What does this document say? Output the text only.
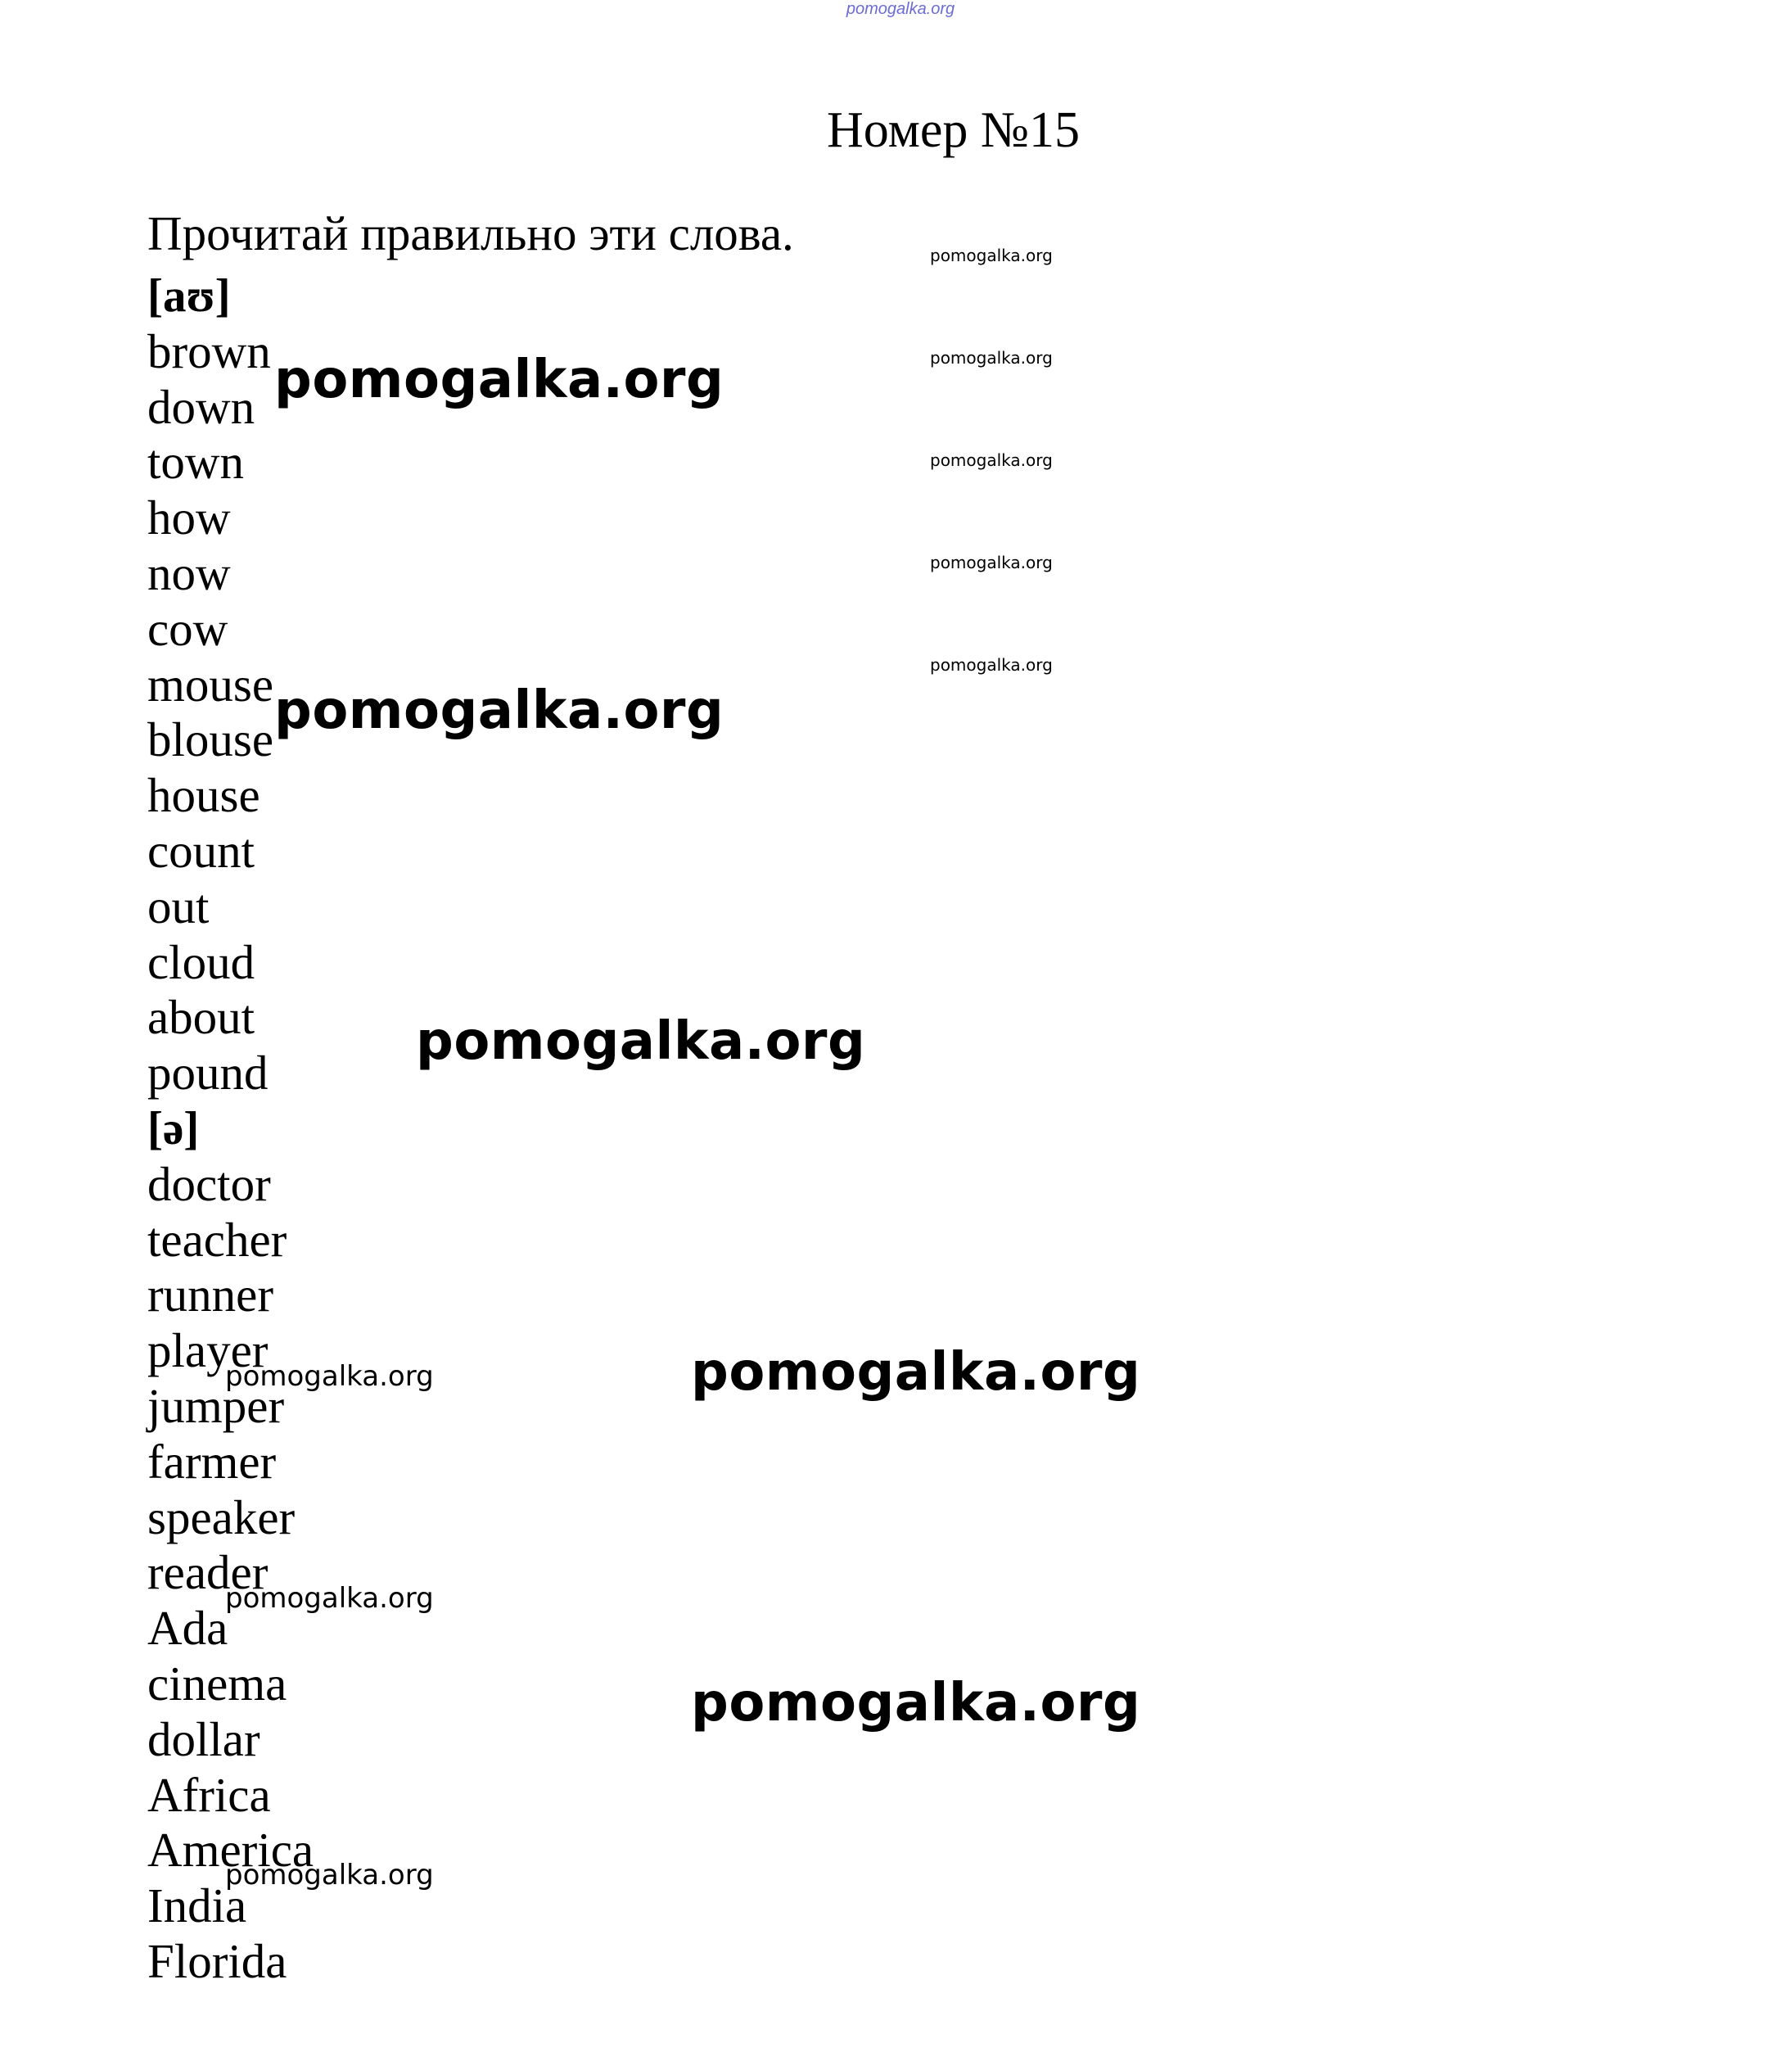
pomogalka.org
Номер №15
Прочитай правильно эти слова.
[aʊ]
brown
down
town
how
now
cow
mouse
blouse
house
count
out
cloud
about
pound
[ə]
doctor
teacher
runner
player
jumper
farmer
speaker
reader
Ada
cinema
dollar
Africa
America
India
Florida
pomogalka.org
pomogalka.org
pomogalka.org
pomogalka.org
pomogalka.org
pomogalka.org
pomogalka.org
pomogalka.org
pomogalka.org
pomogalka.org
pomogalka.org
pomogalka.org
pomogalka.org
